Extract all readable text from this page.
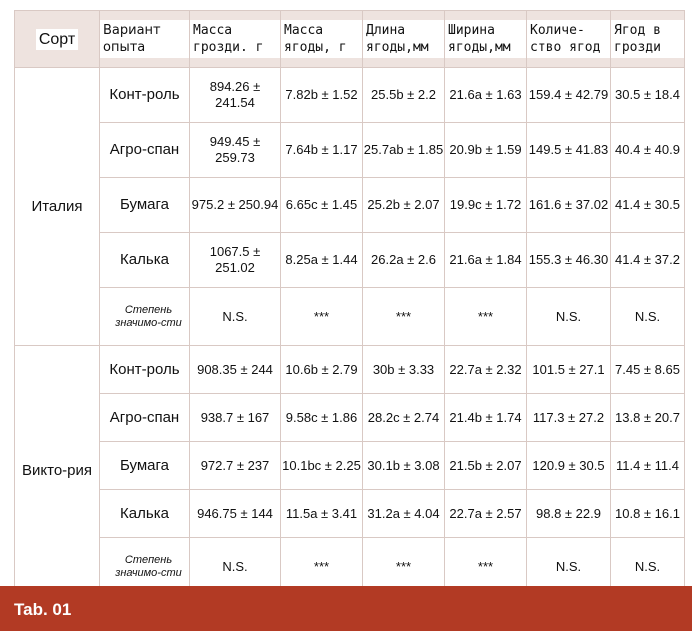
Сорт	Вариант опыта	Масса грозди. г	Масса ягоды, г	Длина ягоды,мм	Ширина ягоды,мм	Количе-ство ягод	Ягод в грозди
Италия	Конт-роль	894.26 ± 241.54	7.82b ± 1.52	25.5b ± 2.2	21.6a ± 1.63	159.4 ± 42.79	30.5 ± 18.4
	Агро-спан	949.45 ± 259.73	7.64b ± 1.17	25.7ab ± 1.85	20.9b ± 1.59	149.5 ± 41.83	40.4 ± 40.9
	Бумага	975.2 ± 250.94	6.65c ± 1.45	25.2b ± 2.07	19.9c ± 1.72	161.6 ± 37.02	41.4 ± 30.5
	Калька	1067.5 ± 251.02	8.25a ± 1.44	26.2a ± 2.6	21.6a ± 1.84	155.3 ± 46.30	41.4 ± 37.2
	Степень значимо-сти	N.S.	***	***	***	N.S.	N.S.
Викто-рия	Конт-роль	908.35 ± 244	10.6b ± 2.79	30b ± 3.33	22.7a ± 2.32	101.5 ± 27.1	7.45 ± 8.65
	Агро-спан	938.7 ± 167	9.58c ± 1.86	28.2c ± 2.74	21.4b ± 1.74	117.3 ± 27.2	13.8 ± 20.7
	Бумага	972.7 ± 237	10.1bc ± 2.25	30.1b ± 3.08	21.5b ± 2.07	120.9 ± 30.5	11.4 ± 11.4
	Калька	946.75 ± 144	11.5a ± 3.41	31.2a ± 4.04	22.7a ± 2.57	98.8 ± 22.9	10.8 ± 16.1
	Степень значимо-сти	N.S.	***	***	***	N.S.	N.S.
Tab. 01
